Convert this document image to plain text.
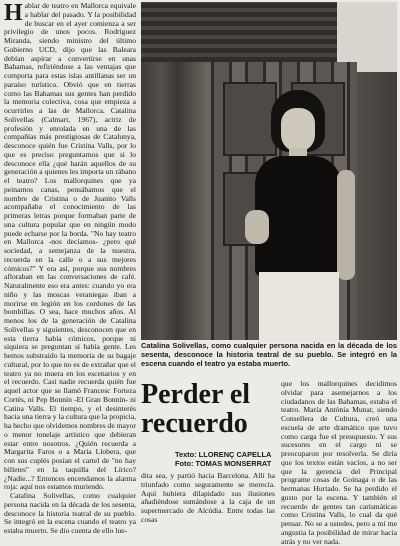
Hablar de teatro en Mallorca equivale a hablar del pasado. Y la posibilidad de buscar en el ayer comienza a ser privilegio de unos pocos. Rodriguez Miranda, siendo ministro del último Gobierno UCD, dijo que las Baleara debían aspirar a convertirse en unas Bahamas, refiriéndose a las ventajas que comporta para estas islas antillanas ser un paraíso turístico. Obvió que en tierras como las Bahamas sus gentes han perdido la memoria colectiva, cosa que empieza a ocurrirles a las de Mallorca. Catalina Solivellas (Calmart, 1967), actriz de profesión y enrolada en una de las compañías más prestigiosas de Catalunya, desconoce quién fue Cristina Valls, por lo que es preciso preguntarnos que si lo desconoce ella ¿qué harán aquellos de su generación a quienes les importa un rábano el teatro? Los mallorquines que ya peinamos canas, pensábamos que el nombre de Cristina o de Juanito Valls acompañaba el conocimiento de las primeras letras porque formaban parte de una cultura popular que en ningún modo puede echarse por la borda. "No hay teatro en Mallorca -nos decíamos- ¿pero qué sociedad, a semejanza de la nuestra, recuerda en la calle o a sus mejores cómicos?" Y era así, porque sus nombres afloraban en las conversaciones de café. Naturalmente eso era antes: cuando yo era niño y las moscas veraniegas iban a morirse en legión en los cordones de las bombillas. O sea, hace muchos años. Al menos los de la generación de Catalina Solivellas y siguientes, desconocen que en esta tierra había cómicos, porque ni siquiera se preguntan si había gente. Les hemos substraído la memoria de su bagaje cultural, por lo que no es de extrañar que el teatro ya no muera en los escenarios y en el recuerdo. Casi nadie recuerda quién fue aquel actor que se llamó Francesc Forteza Cortés, ni Pep Bonnín -El Gran Bonnín- ni Catina Valls. El tiempo, y el desinterés hacia una tierra y la cultura que la propicia, ha hecho que olvidemos nombres de mayor o menor tonelaje artístico que debieran estar entre nosotros. ¿Quién recuerda a Margarita Faros o a María Llobera, que con sus cuplés posían el cartel de "no hay billetes" en la taquilla del Lírico? ¿Nadie...? Entonces encendamos la alarma roja: aquí nos estamos muriendo.

Catalina Solivellas, como cualquier persona nacida en la década de los sesenta, desconoce la historia teatral de su pueblo. Se integró en la escena cuando el teatro ya estaba muerto. Se dio cuenta de ello lue-

Catalina Solivellas, como cualquier persona nacida en la década de los sesenta, desconoce la historia teatral de su pueblo. Se integró en la escena cuando el teatro ya estaba muerto.
Perder el
recuerdo
Texto: LLORENÇ CAPELLA
Foto: TOMAS MONSERRAT

dita sea, y partió hacia Barcelona. Allí ha triunfado como seguramente se merecía. Aquí hubiera dilapidado sus ilusiones añadiéndose sumándose a la caja de un supermercado de Alcúdia. Entre todas las cosas

que los mallorquines decidimos olvidar para asemejarnos a los ciudadanos de las Bahamas, estaba el teatro. María Antònia Munar, siendo Consellera de Cultura, creó una escuela de arte dramático que tuvo como carga fue el presupuesto. Y sus sucesores en el cargo ni se preocuparon por resolverla. Se diría que los textos están vacíos, a no ser que la gerencia del Principal programe cosas de Goinaga o de las hermanas Hurtado. Se ha perdido el gusto por la escena. Y también el recuerdo de gentes tan carismáticas como Cristina Valls, lo cual da qué pensar. No se a ustedes, pero a mí me angustia la posibilidad de mirar hacia atrás y no ver nada.
